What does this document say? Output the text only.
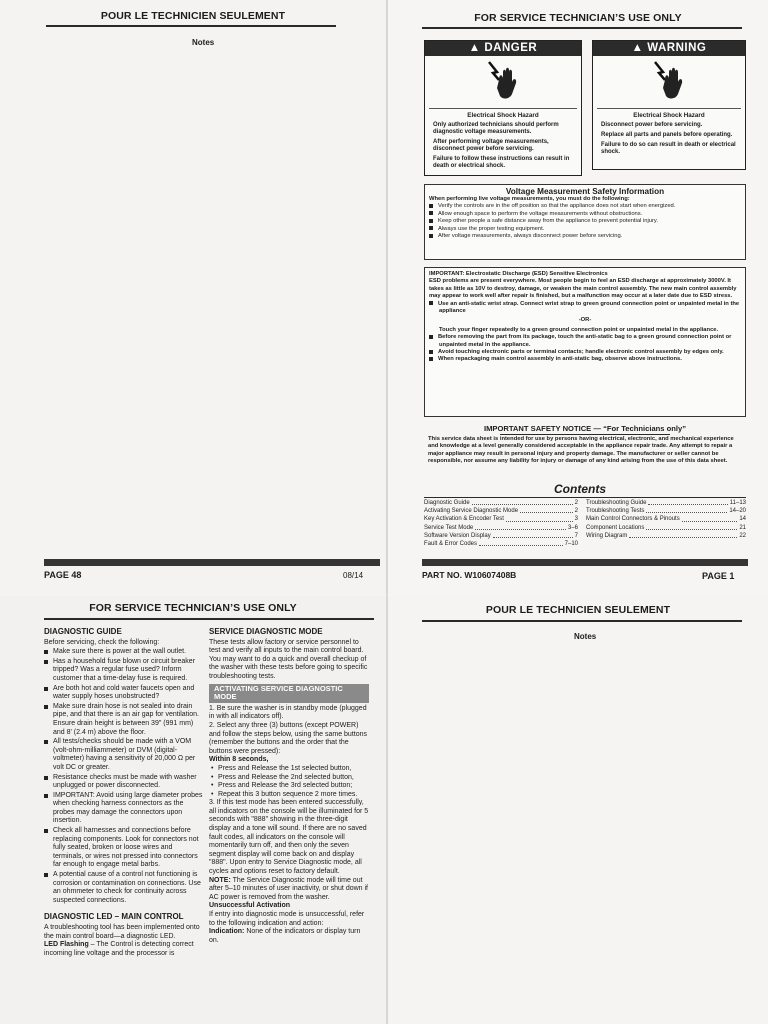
POUR LE TECHNICIEN SEULEMENT
Notes
PAGE 48	08/14
FOR SERVICE TECHNICIAN’S USE ONLY
▲ DANGER
Electrical Shock Hazard

Only authorized technicians should perform diagnostic voltage measurements.

After performing voltage measurements, disconnect power before servicing.

Failure to follow these instructions can result in death or electrical shock.

▲ WARNING
Electrical Shock Hazard

Disconnect power before servicing.

Replace all parts and panels before operating.

Failure to do so can result in death or electrical shock.

Voltage Measurement Safety Information
When performing live voltage measurements, you must do the following:
Verify the controls are in the off position so that the appliance does not start when energized.
Allow enough space to perform the voltage measurements without obstructions.
Keep other people a safe distance away from the appliance to prevent potential injury.
Always use the proper testing equipment.
After voltage measurements, always disconnect power before servicing.
IMPORTANT: Electrostatic Discharge (ESD) Sensitive Electronics
ESD problems are present everywhere. Most people begin to feel an ESD discharge at approximately 3000V. It takes as little as 10V to destroy, damage, or weaken the main control assembly. The new main control assembly may appear to work well after repair is finished, but a malfunction may occur at a later date due to ESD stress.
Use an anti-static wrist strap. Connect wrist strap to green ground connection point or unpainted metal in the appliance
-OR-
Touch your finger repeatedly to a green ground connection point or unpainted metal in the appliance.
Before removing the part from its package, touch the anti-static bag to a green ground connection point or unpainted metal in the appliance.
Avoid touching electronic parts or terminal contacts; handle electronic control assembly by edges only.
When repackaging main control assembly in anti-static bag, observe above instructions.
IMPORTANT SAFETY NOTICE — “For Technicians only”
This service data sheet is intended for use by persons having electrical, electronic, and mechanical experience and knowledge at a level generally considered acceptable in the appliance repair trade. Any attempt to repair a major appliance may result in personal injury and property damage. The manufacturer or seller cannot be responsible, nor assume any liability for injury or damage of any kind arising from the use of this data sheet.
Contents
Diagnostic Guide	2
Activating Service Diagnostic Mode	2
Key Activation & Encoder Test	3
Service Test Mode	3–6
Software Version Display	7
Fault & Error Codes	7–10
Troubleshooting Guide	11–13
Troubleshooting Tests	14–20
Main Control Connectors & Pinouts	14
Component Locations	21
Wiring Diagram	22
PART NO. W10607408B	PAGE 1
FOR SERVICE TECHNICIAN’S USE ONLY
DIAGNOSTIC GUIDE
Before servicing, check the following:
Make sure there is power at the wall outlet.
Has a household fuse blown or circuit breaker tripped? Was a regular fuse used? Inform customer that a time-delay fuse is required.
Are both hot and cold water faucets open and water supply hoses unobstructed?
Make sure drain hose is not sealed into drain pipe, and that there is an air gap for ventilation. Ensure drain height is between 39" (991 mm) and 8' (2.4 m) above the floor.
All tests/checks should be made with a VOM (volt-ohm-milliammeter) or DVM (digital-voltmeter) having a sensitivity of 20,000 Ω per volt DC or greater.
Resistance checks must be made with washer unplugged or power disconnected.
IMPORTANT: Avoid using large diameter probes when checking harness connectors as the probes may damage the connectors upon insertion.
Check all harnesses and connections before replacing components. Look for connectors not fully seated, broken or loose wires and terminals, or wires not pressed into connectors far enough to engage metal barbs.
A potential cause of a control not functioning is corrosion or contamination on connections. Use an ohmmeter to check for continuity across suspected connections.
DIAGNOSTIC LED – MAIN CONTROL
A troubleshooting tool has been implemented onto the main control board—a diagnostic LED.
LED Flashing – The Control is detecting correct incoming line voltage and the processor is
SERVICE DIAGNOSTIC MODE
These tests allow factory or service personnel to test and verify all inputs to the main control board. You may want to do a quick and overall checkup of the washer with these tests before going to specific troubleshooting tests.
ACTIVATING SERVICE DIAGNOSTIC MODE
1. Be sure the washer is in standby mode (plugged in with all indicators off).
2. Select any three (3) buttons (except POWER) and follow the steps below, using the same buttons (remember the buttons and the order that the buttons were pressed):
Within 8 seconds,
• Press and Release the 1st selected button,
• Press and Release the 2nd selected button,
• Press and Release the 3rd selected button;
• Repeat this 3 button sequence 2 more times.
3. If this test mode has been entered successfully, all indicators on the console will be illuminated for 5 seconds with "888" showing in the three-digit display and a tone will sound. If there are no saved fault codes, all indicators on the console will momentarily turn off, and then only the seven segment display will come back on and display "888". Upon entry to Service Diagnostic mode, all cycles and options reset to factory default.
NOTE: The Service Diagnostic mode will time out after 5–10 minutes of user inactivity, or shut down if AC power is removed from the washer.
Unsuccessful Activation
If entry into diagnostic mode is unsuccessful, refer to the following indication and action:
Indication: None of the indicators or display turn on.
POUR LE TECHNICIEN SEULEMENT
Notes
